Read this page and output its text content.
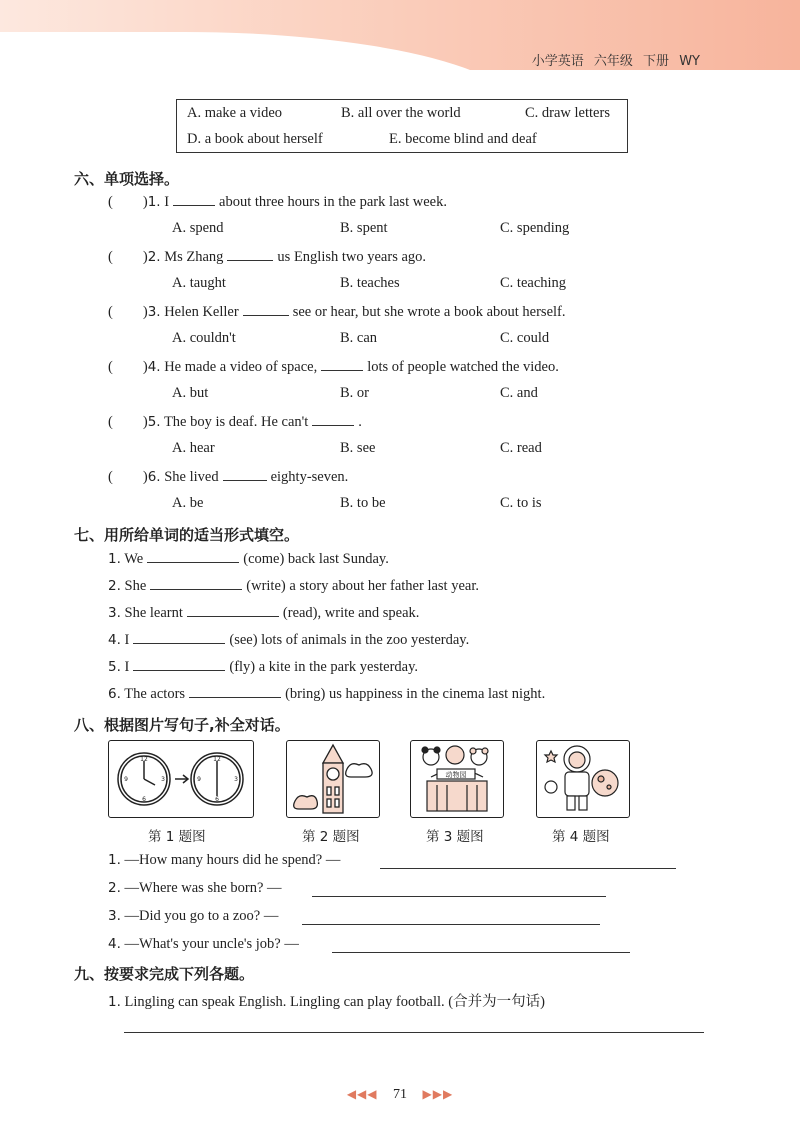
小学英语 六年级 下册 WY
A. make a video	B. all over the world	C. draw letters
D. a book about herself	E. become blind and deaf
六、单项选择。
( )1. I	about three hours in the park last week.
A. spend	B. spent	C. spending
( )2. Ms Zhang	us English two years ago.
A. taught	B. teaches	C. teaching
( )3. Helen Keller	see or hear, but she wrote a book about herself.
A. couldn't	B. can	C. could
( )4. He made a video of space,	lots of people watched the video.
A. but	B. or	C. and
( )5. The boy is deaf. He can't	.
A. hear	B. see	C. read
( )6. She lived	eighty-seven.
A. be	B. to be	C. to is
七、用所给单词的适当形式填空。
1. We	(come) back last Sunday.
2. She	(write) a story about her father last year.
3. She learnt	(read), write and speak.
4. I	(see) lots of animals in the zoo yesterday.
5. I	(fly) a kite in the park yesterday.
6. The actors	(bring) us happiness in the cinema last night.
八、根据图片写句子,补全对话。
12
3
6
9
12
3
6
9
动物园
第 1 题图	第 2 题图	第 3 题图	第 4 题图
1. —How many hours did he spend? —
2. —Where was she born? —
3. —Did you go to a zoo? —
4. —What's your uncle's job? —
九、按要求完成下列各题。
1. Lingling can speak English. Lingling can play football. (合并为一句话)
◀◀◀ 71 ▶▶▶
